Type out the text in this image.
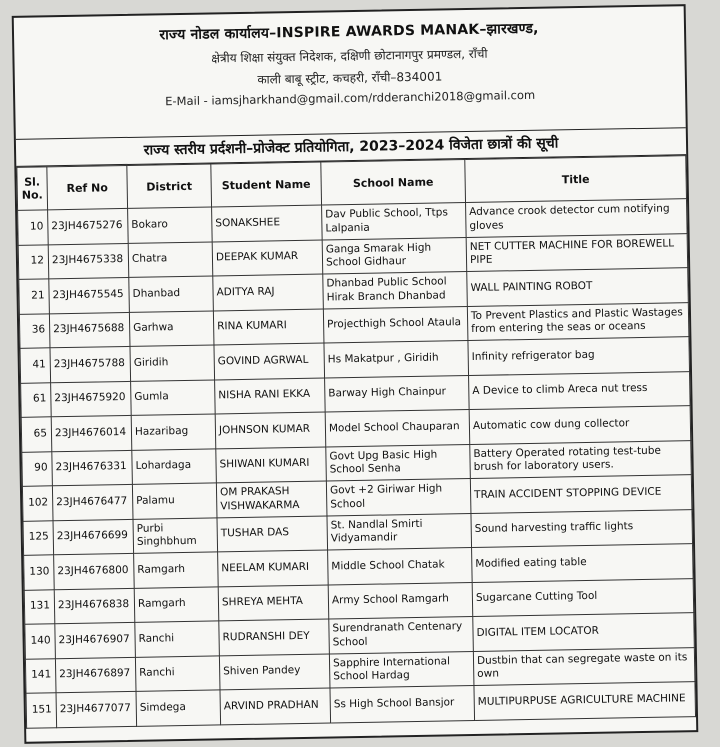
राज्य नोडल कार्यालय–INSPIRE AWARDS MANAK–झारखण्ड,
क्षेत्रीय शिक्षा संयुक्त निदेशक, दक्षिणी छोटानागपुर प्रमण्डल, राँची
काली बाबू स्ट्रीट, कचहरी, राँची–834001
E-Mail - iamsjharkhand@gmail.com/rdderanchi2018@gmail.com
राज्य स्तरीय प्रर्दशनी–प्रोजेक्ट प्रतियोगिता, 2023–2024 विजेता छात्रों की सूची
Sl. No.	Ref No	District	Student Name	School Name	Title
10	23JH4675276	Bokaro	SONAKSHEE	Dav Public School, Ttps Lalpania	Advance crook detector cum notifying gloves
12	23JH4675338	Chatra	DEEPAK KUMAR	Ganga Smarak High School Gidhaur	NET CUTTER MACHINE FOR BOREWELL PIPE
21	23JH4675545	Dhanbad	ADITYA RAJ	Dhanbad Public School Hirak Branch Dhanbad	WALL PAINTING ROBOT
36	23JH4675688	Garhwa	RINA KUMARI	Projecthigh School Ataula	To Prevent Plastics and Plastic Wastages from entering the seas or oceans
41	23JH4675788	Giridih	GOVIND AGRWAL	Hs Makatpur , Giridih	Infinity refrigerator bag
61	23JH4675920	Gumla	NISHA RANI EKKA	Barway High Chainpur	A Device to climb Areca nut tress
65	23JH4676014	Hazaribag	JOHNSON KUMAR	Model School Chauparan	Automatic cow dung collector
90	23JH4676331	Lohardaga	SHIWANI KUMARI	Govt Upg Basic High School Senha	Battery Operated rotating test-tube brush for laboratory users.
102	23JH4676477	Palamu	OM PRAKASH VISHWAKARMA	Govt +2 Giriwar High School	TRAIN ACCIDENT STOPPING DEVICE
125	23JH4676699	Purbi Singhbhum	TUSHAR DAS	St. Nandlal Smirti Vidyamandir	Sound harvesting traffic lights
130	23JH4676800	Ramgarh	NEELAM KUMARI	Middle School Chatak	Modified eating table
131	23JH4676838	Ramgarh	SHREYA MEHTA	Army School Ramgarh	Sugarcane Cutting Tool
140	23JH4676907	Ranchi	RUDRANSHI DEY	Surendranath Centenary School	DIGITAL ITEM LOCATOR
141	23JH4676897	Ranchi	Shiven Pandey	Sapphire International School Hardag	Dustbin that can segregate waste on its own
151	23JH4677077	Simdega	ARVIND PRADHAN	Ss High School Bansjor	MULTIPURPUSE AGRICULTURE MACHINE
